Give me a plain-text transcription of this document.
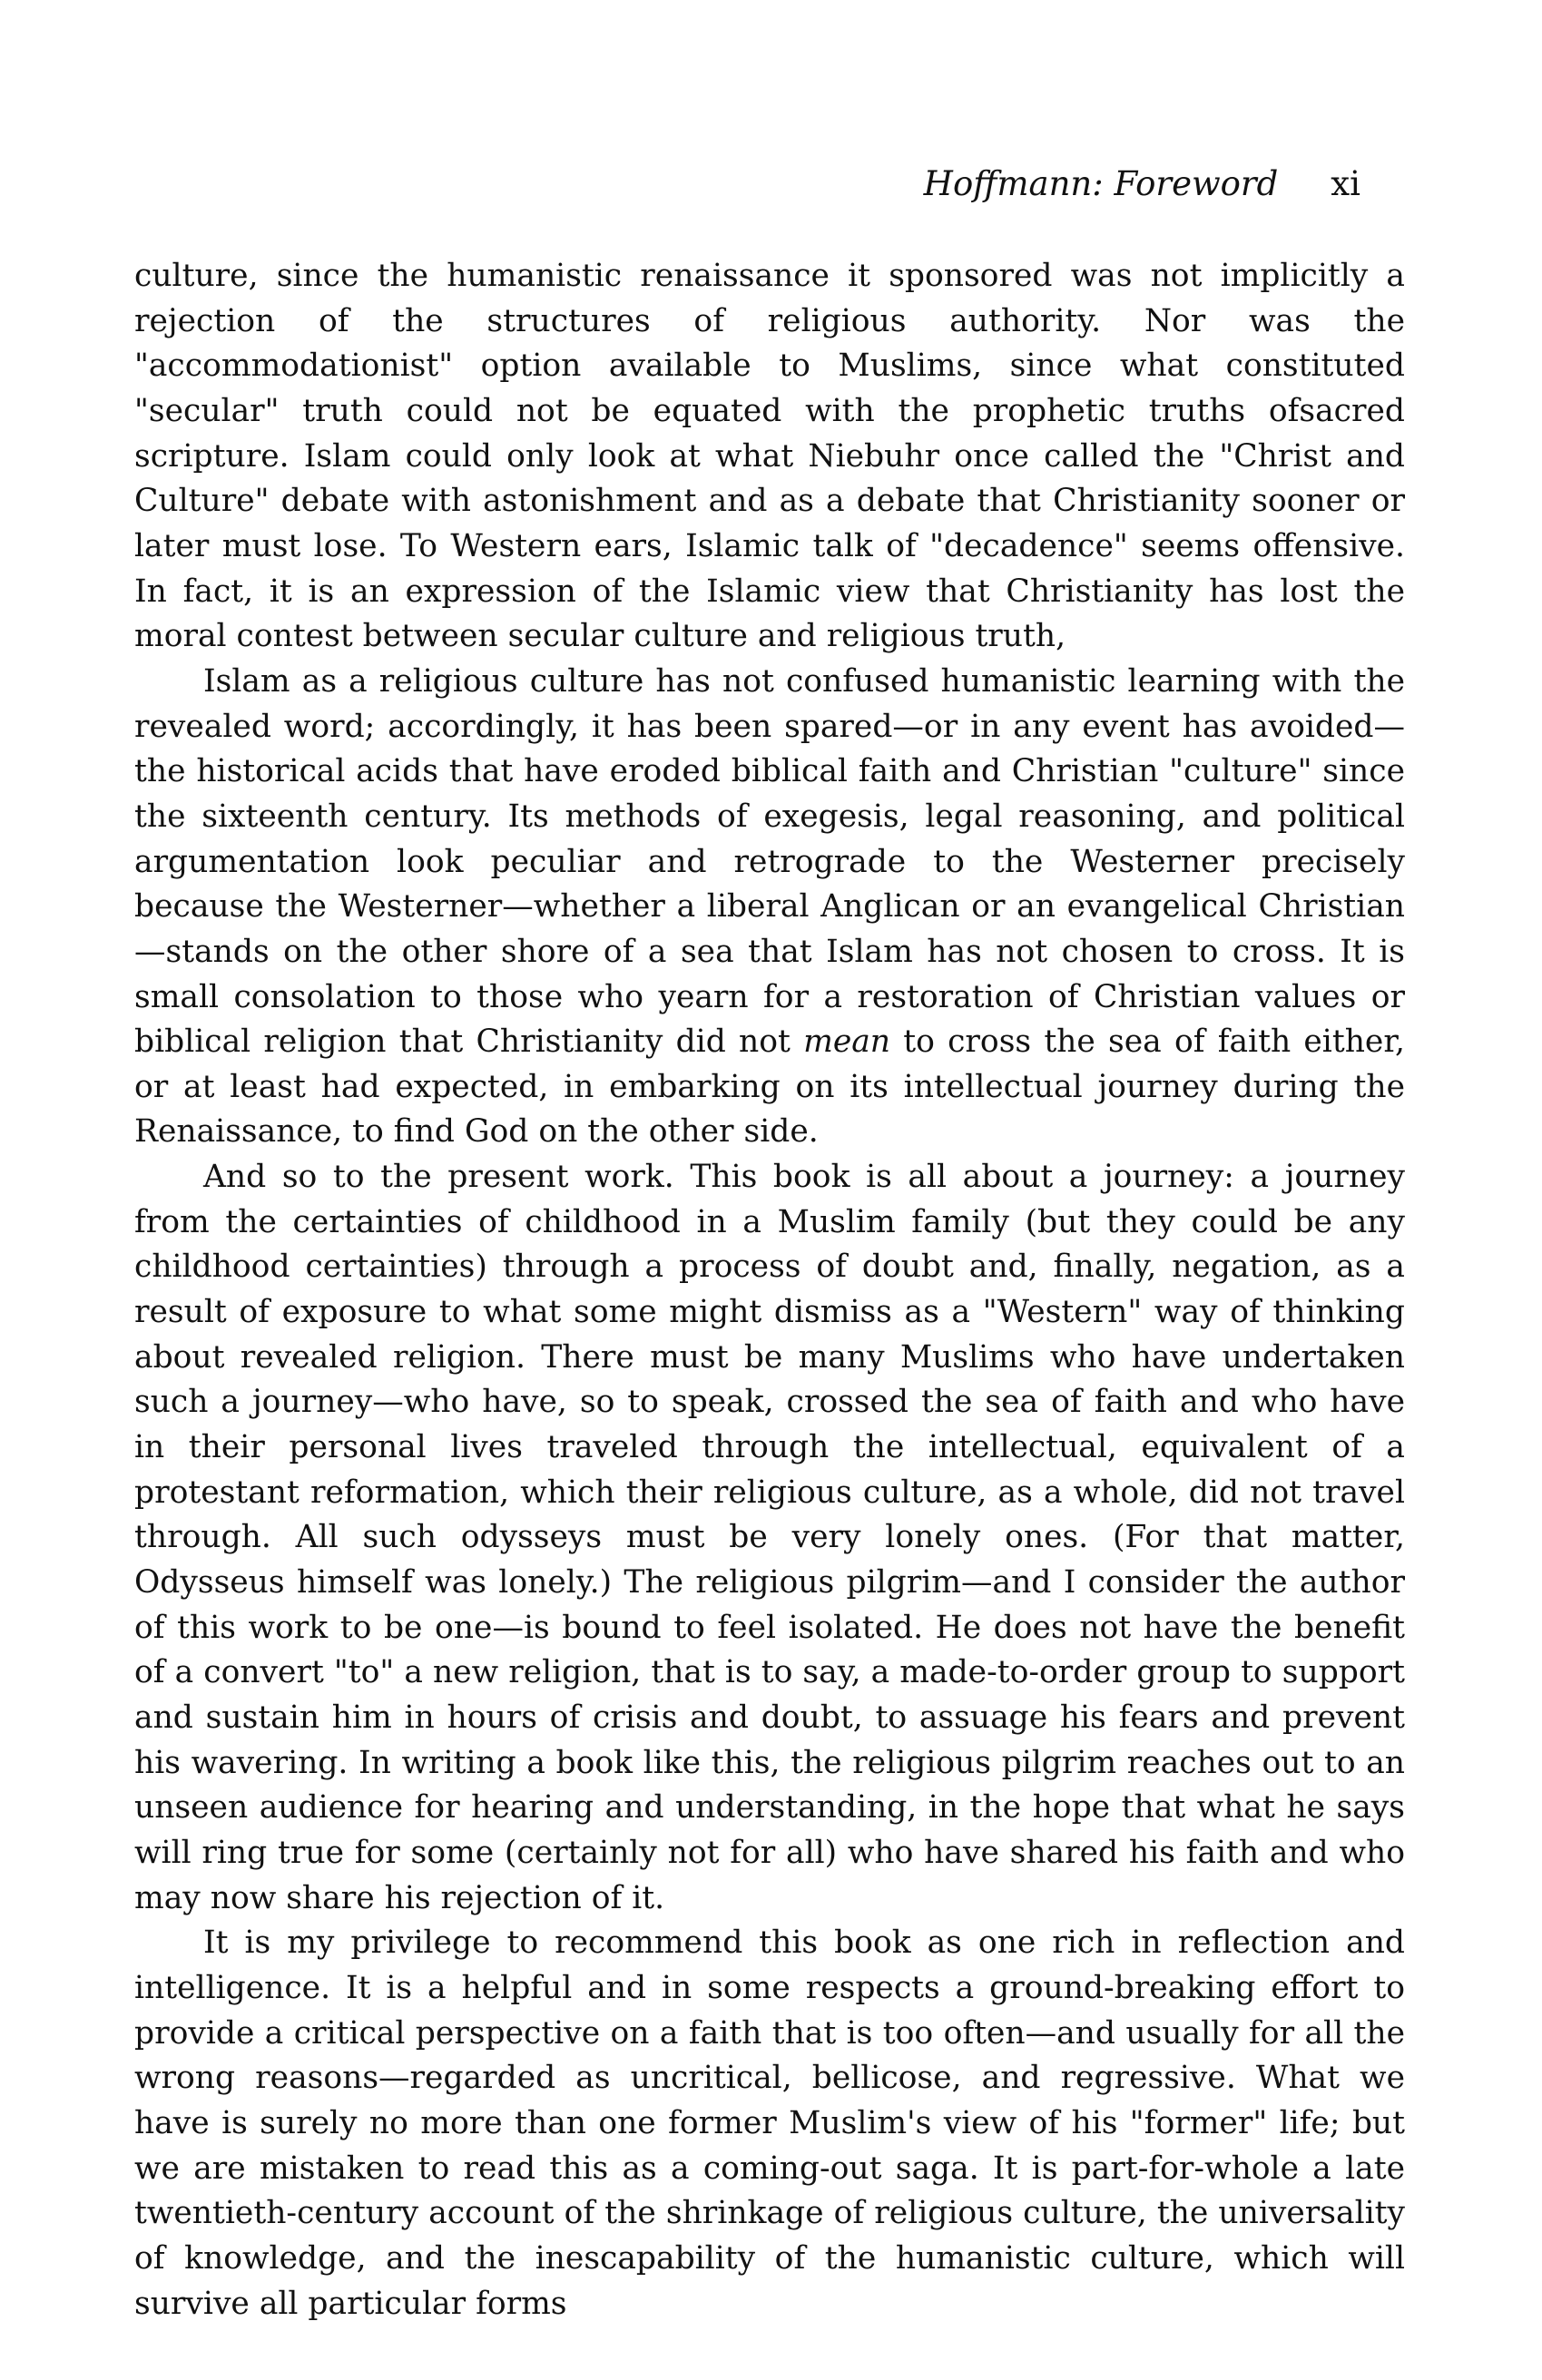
Hoffmann: Foreword xi

culture, since the humanistic renaissance it sponsored was not implicitly a rejection of the structures of religious authority. Nor was the "accommodationist" option available to Muslims, since what constituted "secular" truth could not be equated with the prophetic truths ofsacred scripture. Islam could only look at what Niebuhr once called the "Christ and Culture" debate with astonishment and as a debate that Christianity sooner or later must lose. To Western ears, Islamic talk of "decadence" seems offensive. In fact, it is an expression of the Islamic view that Christianity has lost the moral contest between secular culture and religious truth,

Islam as a religious culture has not confused humanistic learning with the revealed word; accordingly, it has been spared—or in any event has avoided— the historical acids that have eroded biblical faith and Christian "culture" since the sixteenth century. Its methods of exegesis, legal reasoning, and political argumentation look peculiar and retrograde to the Westerner precisely because the Westerner—whether a liberal Anglican or an evangelical Christian—stands on the other shore of a sea that Islam has not chosen to cross. It is small consolation to those who yearn for a restoration of Christian values or biblical religion that Christianity did not mean to cross the sea of faith either, or at least had expected, in embarking on its intellectual journey during the Renaissance, to find God on the other side.

And so to the present work. This book is all about a journey: a journey from the certainties of childhood in a Muslim family (but they could be any childhood certainties) through a process of doubt and, finally, negation, as a result of exposure to what some might dismiss as a "Western" way of thinking about revealed religion. There must be many Muslims who have undertaken such a journey—who have, so to speak, crossed the sea of faith and who have in their personal lives traveled through the intellectual, equivalent of a protestant reformation, which their religious culture, as a whole, did not travel through. All such odysseys must be very lonely ones. (For that matter, Odysseus himself was lonely.) The religious pilgrim—and I consider the author of this work to be one—is bound to feel isolated. He does not have the benefit of a convert "to" a new religion, that is to say, a made-to-order group to support and sustain him in hours of crisis and doubt, to assuage his fears and prevent his wavering. In writing a book like this, the religious pilgrim reaches out to an unseen audience for hearing and understanding, in the hope that what he says will ring true for some (certainly not for all) who have shared his faith and who may now share his rejection of it.

It is my privilege to recommend this book as one rich in reflection and intelligence. It is a helpful and in some respects a ground-breaking effort to provide a critical perspective on a faith that is too often—and usually for all the wrong reasons—regarded as uncritical, bellicose, and regressive. What we have is surely no more than one former Muslim's view of his "former" life; but we are mistaken to read this as a coming-out saga. It is part-for-whole a late twentieth-century account of the shrinkage of religious culture, the universality of knowledge, and the inescapability of the humanistic culture, which will survive all particular forms
